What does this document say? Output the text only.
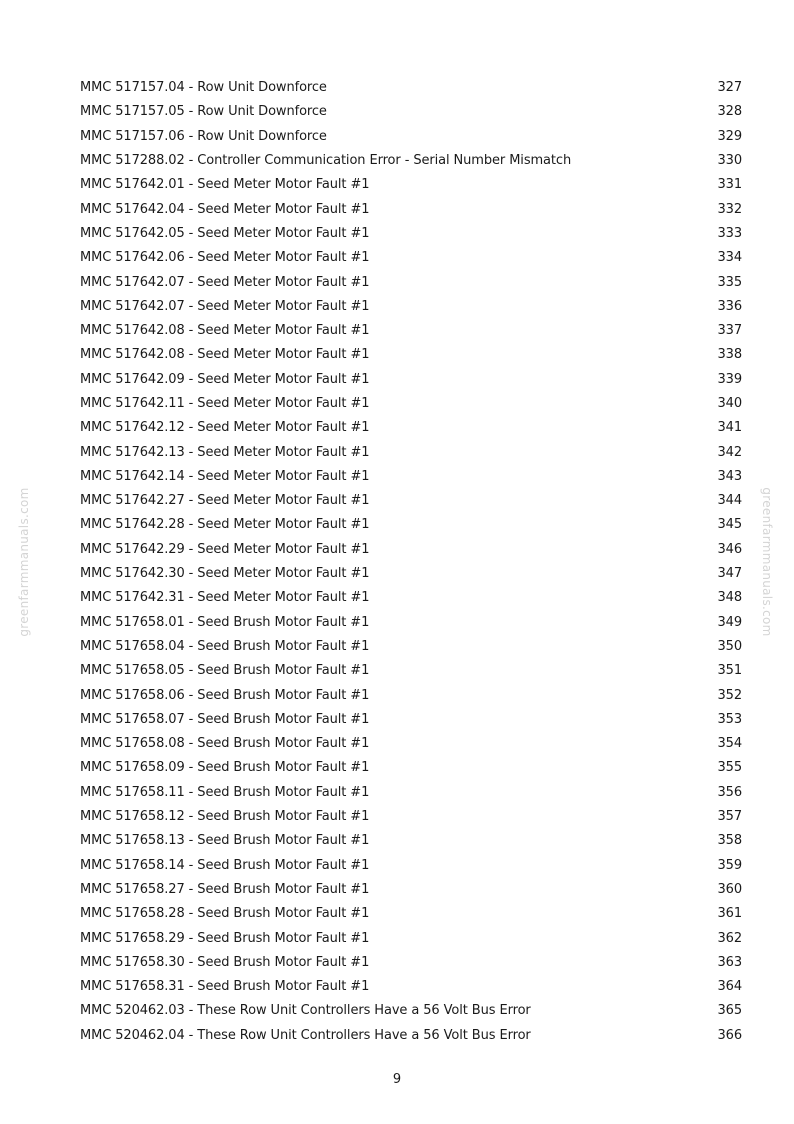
greenfarmmanuals.com	greenfarmmanuals.com
MMC 517157.04 - Row Unit Downforce	327
MMC 517157.05 - Row Unit Downforce	328
MMC 517157.06 - Row Unit Downforce	329
MMC 517288.02 - Controller Communication Error - Serial Number Mismatch	330
MMC 517642.01 - Seed Meter Motor Fault #1	331
MMC 517642.04 - Seed Meter Motor Fault #1	332
MMC 517642.05 - Seed Meter Motor Fault #1	333
MMC 517642.06 - Seed Meter Motor Fault #1	334
MMC 517642.07 - Seed Meter Motor Fault #1	335
MMC 517642.07 - Seed Meter Motor Fault #1	336
MMC 517642.08 - Seed Meter Motor Fault #1	337
MMC 517642.08 - Seed Meter Motor Fault #1	338
MMC 517642.09 - Seed Meter Motor Fault #1	339
MMC 517642.11 - Seed Meter Motor Fault #1	340
MMC 517642.12 - Seed Meter Motor Fault #1	341
MMC 517642.13 - Seed Meter Motor Fault #1	342
MMC 517642.14 - Seed Meter Motor Fault #1	343
MMC 517642.27 - Seed Meter Motor Fault #1	344
MMC 517642.28 - Seed Meter Motor Fault #1	345
MMC 517642.29 - Seed Meter Motor Fault #1	346
MMC 517642.30 - Seed Meter Motor Fault #1	347
MMC 517642.31 - Seed Meter Motor Fault #1	348
MMC 517658.01 - Seed Brush Motor Fault #1	349
MMC 517658.04 - Seed Brush Motor Fault #1	350
MMC 517658.05 - Seed Brush Motor Fault #1	351
MMC 517658.06 - Seed Brush Motor Fault #1	352
MMC 517658.07 - Seed Brush Motor Fault #1	353
MMC 517658.08 - Seed Brush Motor Fault #1	354
MMC 517658.09 - Seed Brush Motor Fault #1	355
MMC 517658.11 - Seed Brush Motor Fault #1	356
MMC 517658.12 - Seed Brush Motor Fault #1	357
MMC 517658.13 - Seed Brush Motor Fault #1	358
MMC 517658.14 - Seed Brush Motor Fault #1	359
MMC 517658.27 - Seed Brush Motor Fault #1	360
MMC 517658.28 - Seed Brush Motor Fault #1	361
MMC 517658.29 - Seed Brush Motor Fault #1	362
MMC 517658.30 - Seed Brush Motor Fault #1	363
MMC 517658.31 - Seed Brush Motor Fault #1	364
MMC 520462.03 - These Row Unit Controllers Have a 56 Volt Bus Error	365
MMC 520462.04 - These Row Unit Controllers Have a 56 Volt Bus Error	366
9
